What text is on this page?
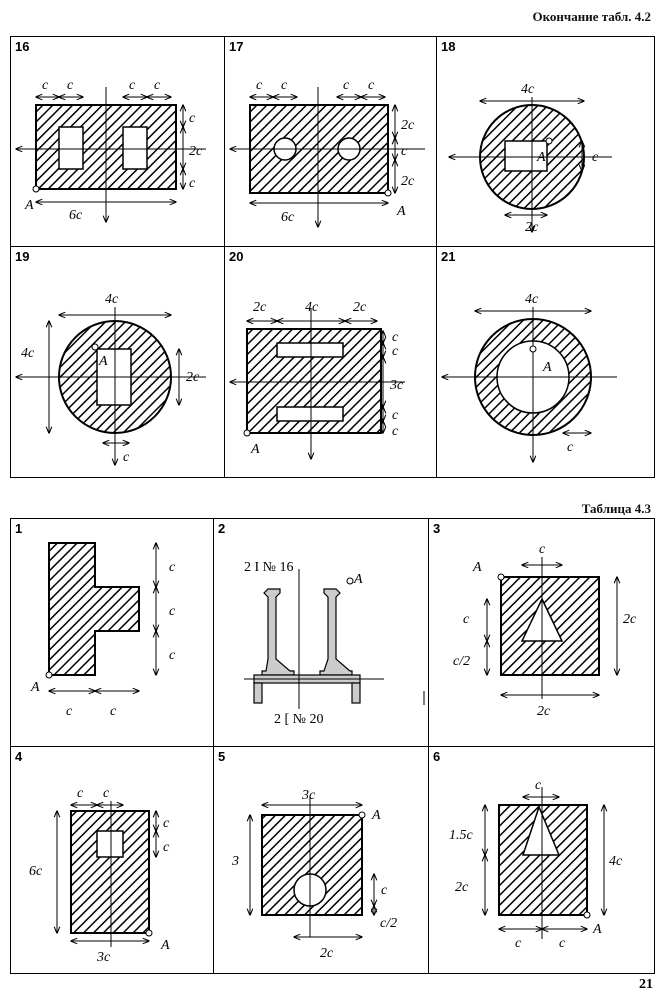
Окончание табл. 4.2
16
c c	c c
c
2c
c
6c
A
17
c c	c c
2c
c
2c
6c	A
18
4c
c
2c
A
19
4c
4c
2c
c
A
20
2c	4c 2c
c
c
3c
c
c
A
21
4c
c
A
Таблица 4.3
1
c
c
c
c	c
A
2
2 I № 16
2 [ № 20
A
3
c
c
c/2
2c
2c
A
4
c c
c
c
6c
3c
A
5
3c
3
c
c/2
2c
A
6
c
1.5c
2c
4c
c	c
A
21
